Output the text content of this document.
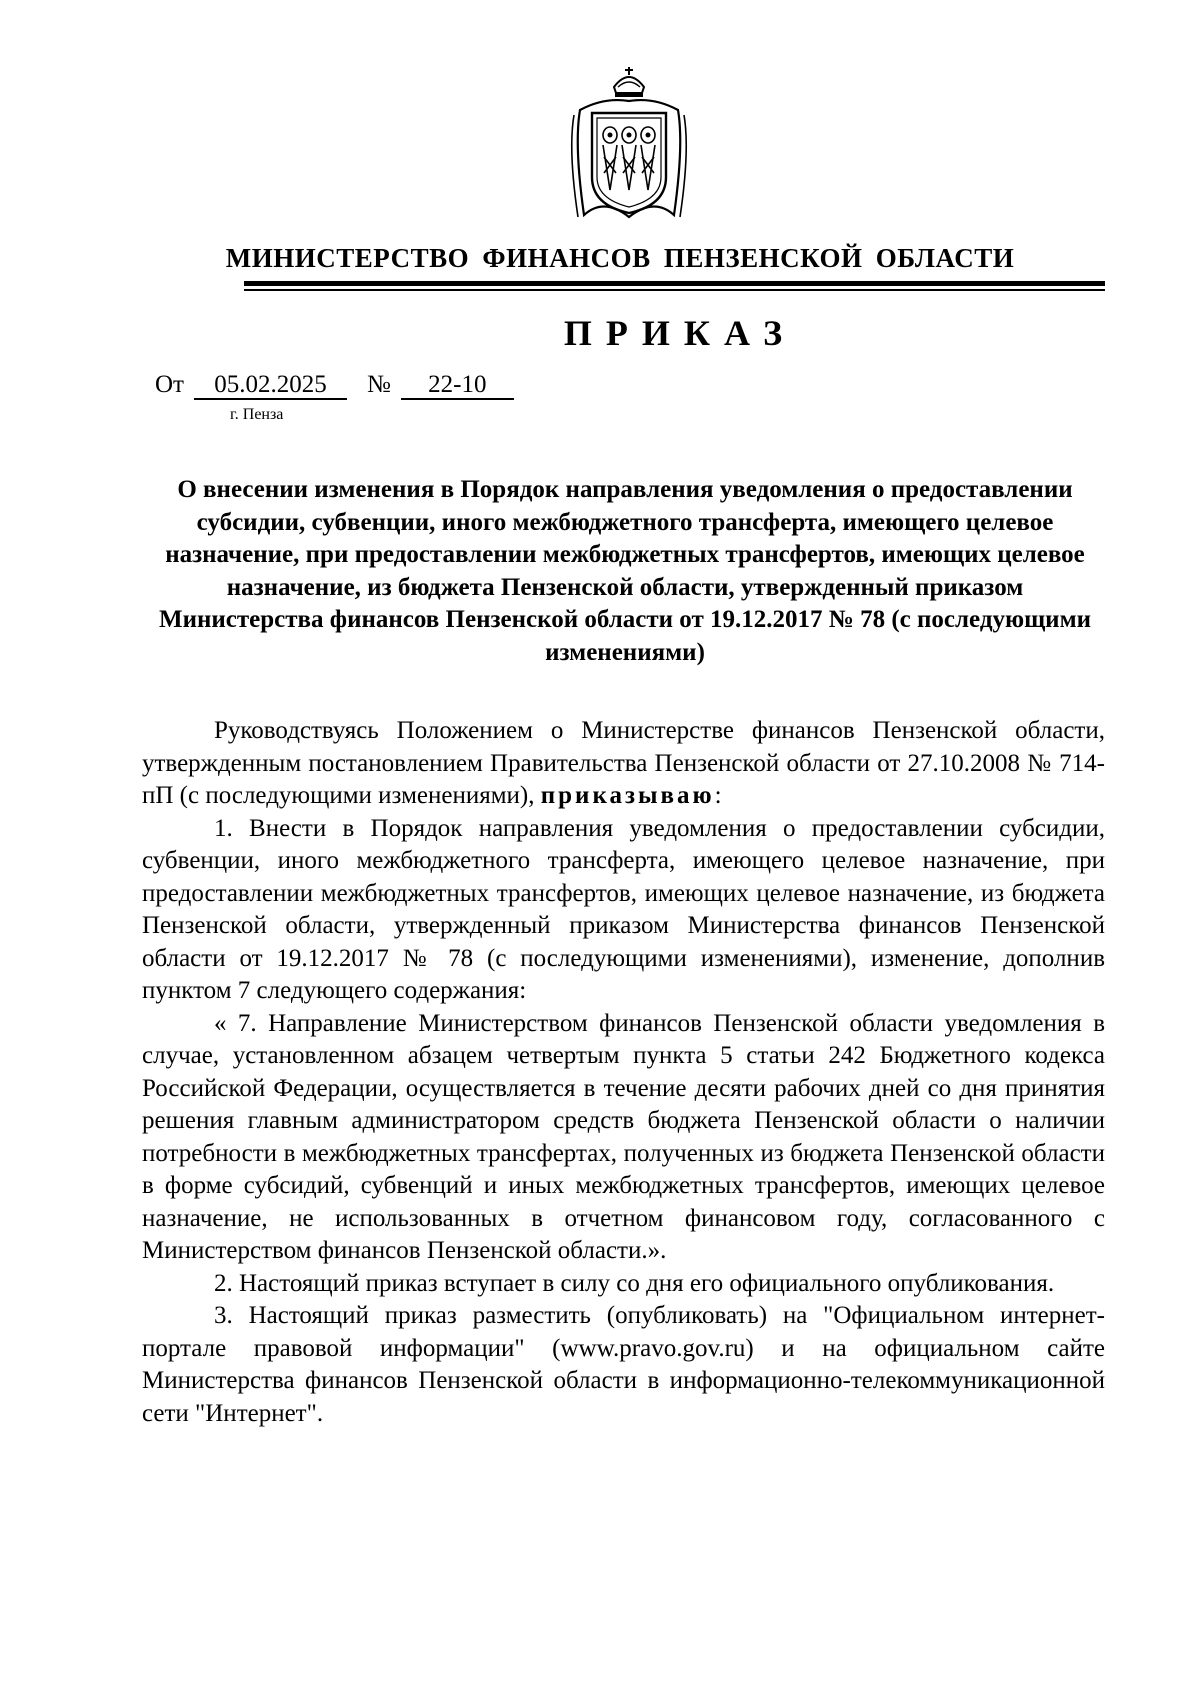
МИНИСТЕРСТВО ФИНАНСОВ ПЕНЗЕНСКОЙ ОБЛАСТИ
ПРИКАЗ
От 05.02.2025 № 22-10
г. Пенза
О внесении изменения в Порядок направления уведомления о предоставлении субсидии, субвенции, иного межбюджетного трансферта, имеющего целевое назначение, при предоставлении межбюджетных трансфертов, имеющих целевое назначение, из бюджета Пензенской области, утвержденный приказом Министерства финансов Пензенской области от 19.12.2017 № 78 (с последующими изменениями)

Руководствуясь Положением о Министерстве финансов Пензенской области, утвержденным постановлением Правительства Пензенской области от 27.10.2008 № 714-пП (с последующими изменениями), приказываю:

1. Внести в Порядок направления уведомления о предоставлении субсидии, субвенции, иного межбюджетного трансферта, имеющего целевое назначение, при предоставлении межбюджетных трансфертов, имеющих целевое назначение, из бюджета Пензенской области, утвержденный приказом Министерства финансов Пензенской области от 19.12.2017 № 78 (с последующими изменениями), изменение, дополнив пунктом 7 следующего содержания:

« 7. Направление Министерством финансов Пензенской области уведомления в случае, установленном абзацем четвертым пункта 5 статьи 242 Бюджетного кодекса Российской Федерации, осуществляется в течение десяти рабочих дней со дня принятия решения главным администратором средств бюджета Пензенской области о наличии потребности в межбюджетных трансфертах, полученных из бюджета Пензенской области в форме субсидий, субвенций и иных межбюджетных трансфертов, имеющих целевое назначение, не использованных в отчетном финансовом году, согласованного с Министерством финансов Пензенской области.».

2. Настоящий приказ вступает в силу со дня его официального опубликования.

3. Настоящий приказ разместить (опубликовать) на "Официальном интернет-портале правовой информации" (www.pravo.gov.ru) и на официальном сайте Министерства финансов Пензенской области в информационно-телекоммуникационной сети "Интернет".
